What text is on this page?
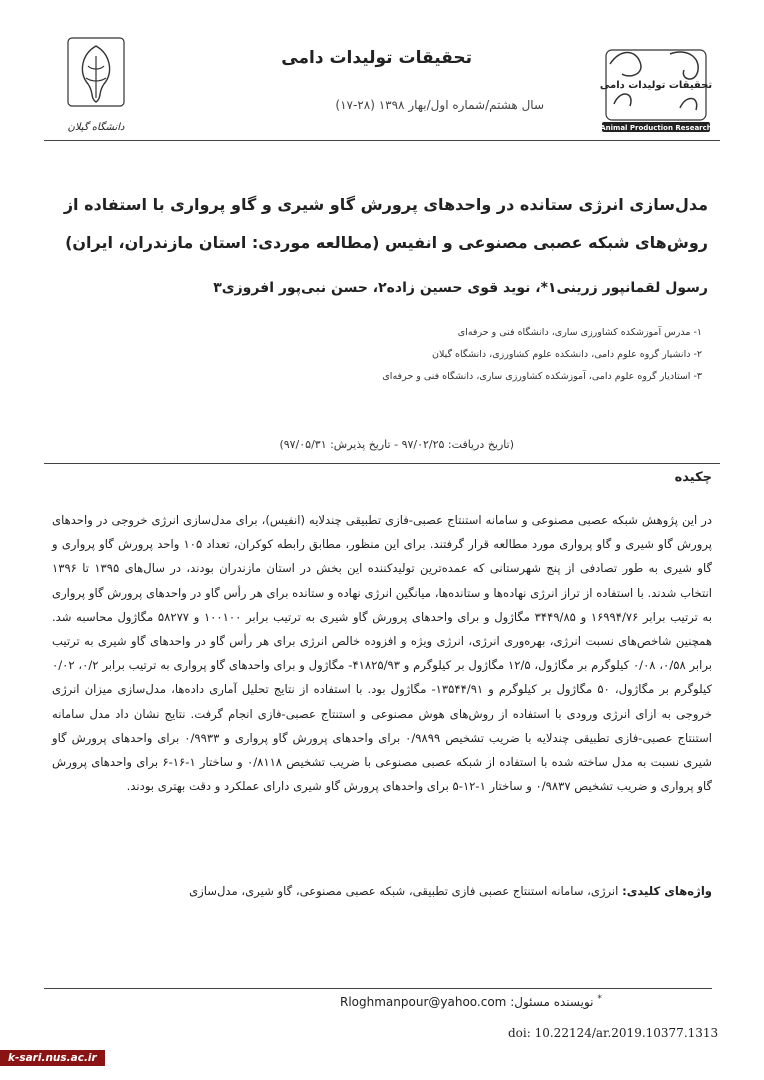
تحقیقات تولیدات دامی
Animal Production Research
تحقیقات تولیدات دامی
سال هشتم/شماره اول/بهار ۱۳۹۸ (۲۸-۱۷)
دانشگاه گیلان
مدل‌سازی انرژی ستانده در واحدهای پرورش گاو شیری و گاو پرواری با استفاده از روش‌های شبکه عصبی مصنوعی و انفیس (مطالعه موردی: استان مازندران، ایران)
رسول لقمانپور زرینی۱*، نوید قوی حسین زاده۲، حسن نبی‌پور افروزی۳
۱- مدرس آموزشکده کشاورزی ساری، دانشگاه فنی و حرفه‌ای
۲- دانشیار گروه علوم دامی، دانشکده علوم کشاورزی، دانشگاه گیلان
۳- استادیار گروه علوم دامی، آموزشکده کشاورزی ساری، دانشگاه فنی و حرفه‌ای
(تاریخ دریافت: ۹۷/۰۲/۲۵ - تاریخ پذیرش: ۹۷/۰۵/۳۱)
چکیده
در این پژوهش شبکه عصبی مصنوعی و سامانه استنتاج عصبی-فازی تطبیقی چندلایه (انفیس)، برای مدل‌سازی انرژی خروجی در واحدهای پرورش گاو شیری و گاو پرواری مورد مطالعه قرار گرفتند. برای این منظور، مطابق رابطه کوکران، تعداد ۱۰۵ واحد پرورش گاو پرواری و گاو شیری به طور تصادفی از پنج شهرستانی که عمده‌ترین تولیدکننده این بخش در استان مازندران بودند، در سال‌های ۱۳۹۵ تا ۱۳۹۶ انتخاب شدند. با استفاده از تراز انرژی نهاده‌ها و ستانده‌ها، میانگین انرژی نهاده و ستانده برای هر رأس گاو در واحدهای پرورش گاو پرواری به ترتیب برابر ۱۶۹۹۴/۷۶ و ۳۴۴۹/۸۵ مگاژول و برای واحدهای پرورش گاو شیری به ترتیب برابر ۱۰۰۱۰۰ و ۵۸۲۷۷ مگاژول محاسبه شد. همچنین شاخص‌های نسبت انرژی، بهره‌وری انرژی، انرژی ویژه و افزوده خالص انرژی برای هر رأس گاو در واحدهای گاو شیری به ترتیب برابر ۰/۵۸، ۰/۰۸ کیلوگرم بر مگاژول، ۱۲/۵ مگاژول بر کیلوگرم و ۴۱۸۲۵/۹۳- مگاژول و برای واحدهای گاو پرواری به ترتیب برابر ۰/۲، ۰/۰۲ کیلوگرم بر مگاژول، ۵۰ مگاژول بر کیلوگرم و ۱۳۵۴۴/۹۱- مگاژول بود. با استفاده از نتایج تحلیل آماری داده‌ها، مدل‌سازی میزان انرژی خروجی به ازای انرژی ورودی با استفاده از روش‌های هوش مصنوعی و استنتاج عصبی-فازی انجام گرفت. نتایج نشان داد مدل سامانه استنتاج عصبی-فازی تطبیقی چندلایه با ضریب تشخیص ۰/۹۸۹۹ برای واحدهای پرورش گاو پرواری و ۰/۹۹۳۳ برای واحدهای پرورش گاو شیری نسبت به مدل ساخته شده با استفاده از شبکه عصبی مصنوعی با ضریب تشخیص ۰/۸۱۱۸ و ساختار ۱-۱۶-۶ برای واحدهای پرورش گاو پرواری و ضریب تشخیص ۰/۹۸۳۷ و ساختار ۱-۱۲-۵ برای واحدهای پرورش گاو شیری دارای عملکرد و دقت بهتری بودند.
واژه‌های کلیدی: انرژی، سامانه استنتاج عصبی فازی تطبیقی، شبکه عصبی مصنوعی، گاو شیری، مدل‌سازی
Rloghmanpour@yahoo.com نویسنده مسئول: *
doi: 10.22124/ar.2019.10377.1313
k-sari.nus.ac.ir
